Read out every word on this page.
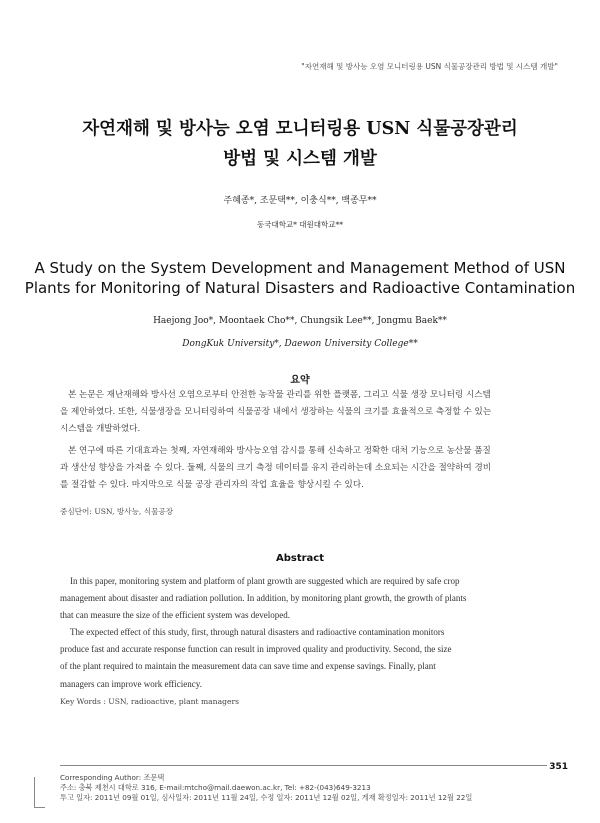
"자연재해 및 방사능 오염 모니터링용 USN 식물공장관리 방법 및 시스템 개발"
자연재해 및 방사능 오염 모니터링용 USN 식물공장관리
방법 및 시스템 개발
주혜종*, 조문택**, 이충식**, 백종무**
동국대학교* 대원대학교**
A Study on the System Development and Management Method of USN
Plants for Monitoring of Natural Disasters and Radioactive Contamination
Haejong Joo*, Moontaek Cho**, Chungsik Lee**, Jongmu Baek**
DongKuk University*, Daewon University College**
요약
본 논문은 재난재해와 방사선 오염으로부터 안전한 농작물 관리를 위한 플랫폼, 그리고 식물 생장 모니터링 시스템
을 제안하였다. 또한, 식물생장을 모니터링하여 식물공장 내에서 생장하는 식물의 크기를 효율적으로 측정할 수 있는
시스템을 개발하였다.
본 연구에 따른 기대효과는 첫째, 자연재해와 방사능오염 감시를 통해 신속하고 정확한 대처 기능으로 농산물 품질
과 생산성 향상을 가져올 수 있다. 둘째, 식물의 크기 측정 데이터를 유지 관리하는데 소요되는 시간을 절약하여 경비
를 절감할 수 있다. 마지막으로 식물 공장 관리자의 작업 효율을 향상시킬 수 있다.
중심단어: USN, 방사능, 식물공장
Abstract
In this paper, monitoring system and platform of plant growth are suggested which are required by safe crop
management about disaster and radiation pollution. In addition, by monitoring plant growth, the growth of plants
that can measure the size of the efficient system was developed.
The expected effect of this study, first, through natural disasters and radioactive contamination monitors
produce fast and accurate response function can result in improved quality and productivity. Second, the size
of the plant required to maintain the measurement data can save time and expense savings. Finally, plant
managers can improve work efficiency.
Key Words : USN, radioactive, plant managers
351
Corresponding Author: 조문택
주소: 충북 제천시 대학로 316, E-mail:mtcho@mail.daewon.ac.kr, Tel: +82-(043)649-3213
투고 일자: 2011년 09월 01일, 심사일자: 2011년 11월 24일, 수정 일자: 2011년 12월 02일, 게재 확정일자: 2011년 12월 22일
